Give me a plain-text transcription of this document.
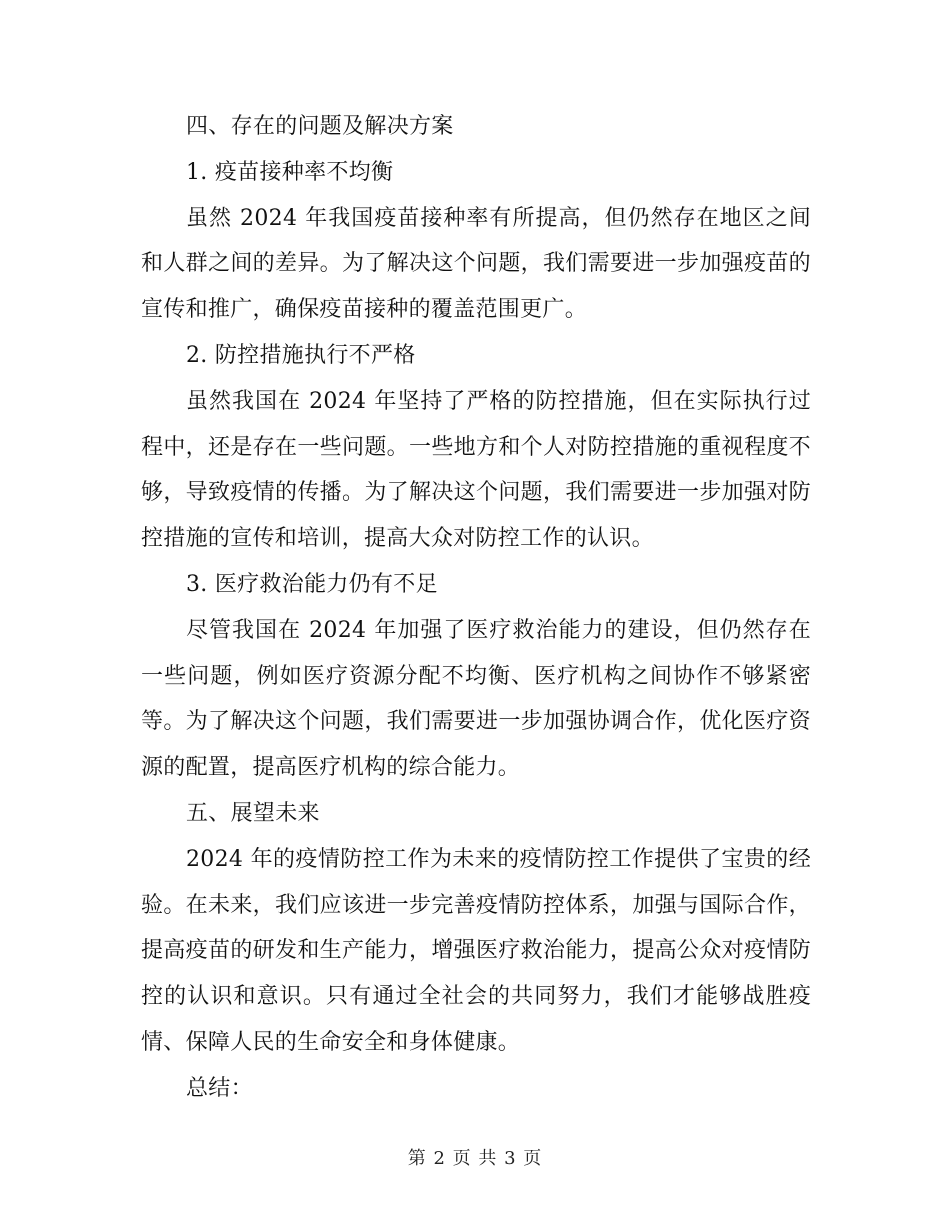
四、存在的问题及解决方案

1. 疫苗接种率不均衡

虽然 2024 年我国疫苗接种率有所提高，但仍然存在地区之间和人群之间的差异。为了解决这个问题，我们需要进一步加强疫苗的宣传和推广，确保疫苗接种的覆盖范围更广。

2. 防控措施执行不严格

虽然我国在 2024 年坚持了严格的防控措施，但在实际执行过程中，还是存在一些问题。一些地方和个人对防控措施的重视程度不够，导致疫情的传播。为了解决这个问题，我们需要进一步加强对防控措施的宣传和培训，提高大众对防控工作的认识。

3. 医疗救治能力仍有不足

尽管我国在 2024 年加强了医疗救治能力的建设，但仍然存在一些问题，例如医疗资源分配不均衡、医疗机构之间协作不够紧密等。为了解决这个问题，我们需要进一步加强协调合作，优化医疗资源的配置，提高医疗机构的综合能力。

五、展望未来

2024 年的疫情防控工作为未来的疫情防控工作提供了宝贵的经验。在未来，我们应该进一步完善疫情防控体系，加强与国际合作，提高疫苗的研发和生产能力，增强医疗救治能力，提高公众对疫情防控的认识和意识。只有通过全社会的共同努力，我们才能够战胜疫情、保障人民的生命安全和身体健康。

总结：

第 2 页 共 3 页
